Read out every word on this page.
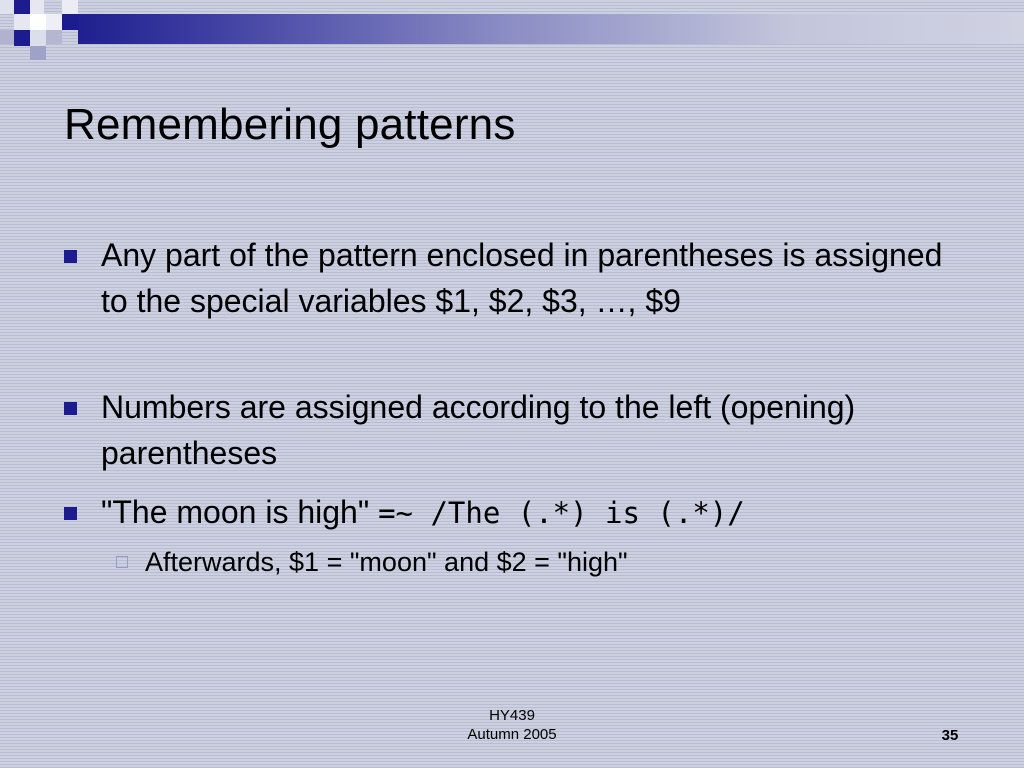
Remembering patterns
Any part of the pattern enclosed in parentheses is assigned to the special variables $1, $2, $3, …, $9
Numbers are assigned according to the left (opening) parentheses
"The moon is high" =~ /The (.*) is (.*)/
Afterwards, $1 = "moon" and $2 = "high"
HY439
Autumn 2005	35
